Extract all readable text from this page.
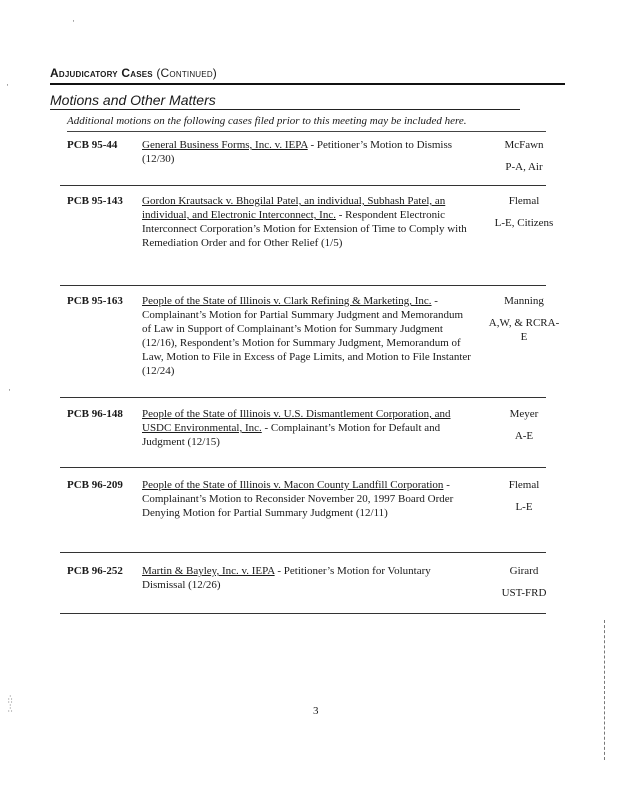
Adjudicatory Cases (Continued)
Motions and Other Matters
Additional motions on the following cases filed prior to this meeting may be included here.
PCB 95-44 General Business Forms, Inc. v. IEPA - Petitioner’s Motion to Dismiss (12/30)
McFawn
P-A, Air
PCB 95-143 Gordon Krautsack v. Bhogilal Patel, an individual, Subhash Patel, an individual, and Electronic Interconnect, Inc. - Respondent Electronic Interconnect Corporation’s Motion for Extension of Time to Comply with Remediation Order and for Other Relief (1/5)
Flemal
L-E, Citizens
PCB 95-163 People of the State of Illinois v. Clark Refining & Marketing, Inc. - Complainant’s Motion for Partial Summary Judgment and Memorandum of Law in Support of Complainant’s Motion for Summary Judgment (12/16), Respondent’s Motion for Summary Judgment, Memorandum of Law, Motion to File in Excess of Page Limits, and Motion to File Instanter (12/24)
Manning
A,W, & RCRA-E
PCB 96-148 People of the State of Illinois v. U.S. Dismantlement Corporation, and USDC Environmental, Inc. - Complainant’s Motion for Default and Judgment (12/15)
Meyer
A-E
PCB 96-209 People of the State of Illinois v. Macon County Landfill Corporation - Complainant’s Motion to Reconsider November 20, 1997 Board Order Denying Motion for Partial Summary Judgment (12/11)
Flemal
L-E
PCB 96-252 Martin & Bayley, Inc. v. IEPA - Petitioner’s Motion for Voluntary Dismissal (12/26)
Girard
UST-FRD
3
·
·
·
∴
∵
∴
